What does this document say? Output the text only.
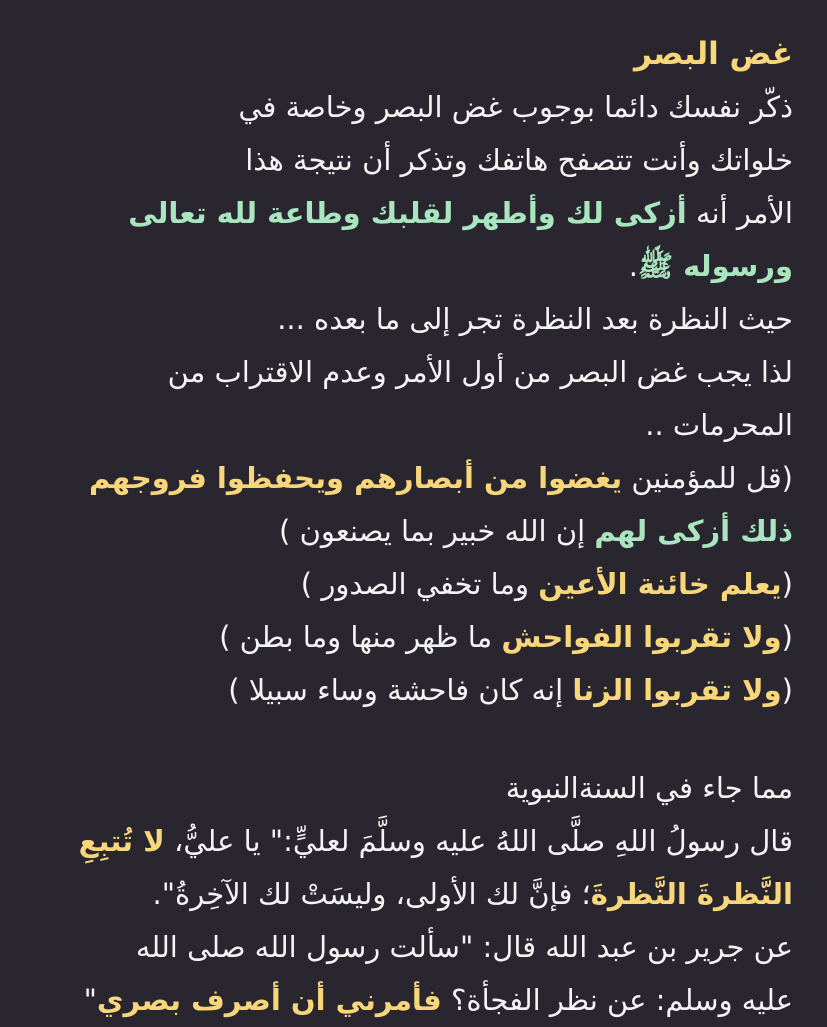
غض البصر
ذكّر نفسك دائما بوجوب غض البصر وخاصة في
خلواتك وأنت تتصفح هاتفك وتذكر أن نتيجة هذا
الأمر أنه أزكى لك وأطهر لقلبك وطاعة لله تعالى
ورسوله ﷺ.
حيث النظرة بعد النظرة تجر إلى ما بعده ...
لذا يجب غض البصر من أول الأمر وعدم الاقتراب من
المحرمات ..
(قل للمؤمنين يغضوا من أبصارهم ويحفظوا فروجهم
ذلك أزكى لهم إن الله خبير بما يصنعون )
(يعلم خائنة الأعين وما تخفي الصدور )
(ولا تقربوا الفواحش ما ظهر منها وما بطن )
(ولا تقربوا الزنا إنه كان فاحشة وساء سبيلا )
مما جاء في السنةالنبوية
قال رسولُ اللهِ صلَّى اللهُ عليه وسلَّمَ لعليٍّ:" يا عليُّ، لا تُتبِعِ
النَّظرةَ النَّظرةَ؛ فإنَّ لك الأولى، وليسَتْ لك الآخِرةُ".
عن جرير بن عبد الله قال: "سألت رسول الله صلى الله
عليه وسلم: عن نظر الفجأة؟ فأمرني أن أصرف بصري"
